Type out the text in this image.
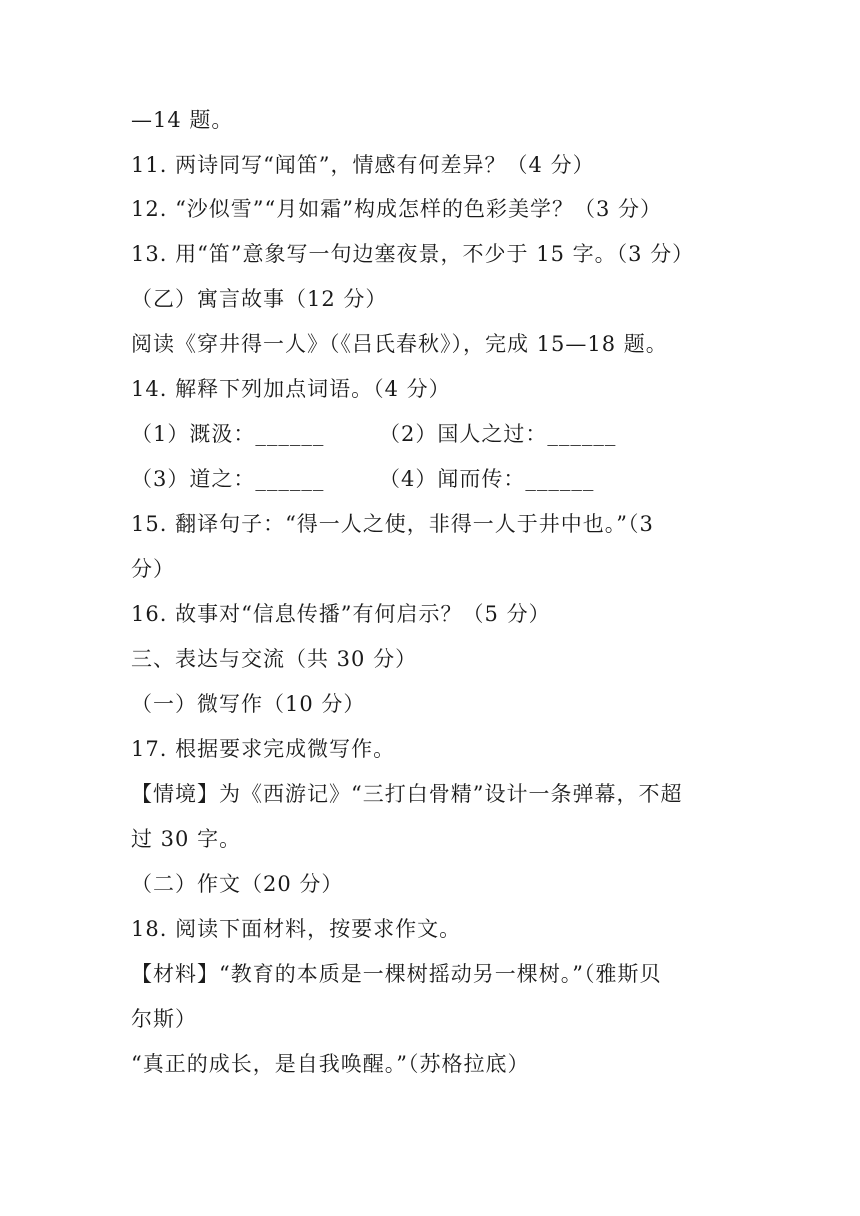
—14 题。
11. 两诗同写“闻笛”，情感有何差异？（4 分）
12. “沙似雪”“月如霜”构成怎样的色彩美学？（3 分）
13. 用“笛”意象写一句边塞夜景，不少于 15 字。（3 分）
（乙）寓言故事（12 分）
阅读《穿井得一人》（《吕氏春秋》），完成 15—18 题。
14. 解释下列加点词语。（4 分）
（1）溉汲：______	（2）国人之过：______
（3）道之：______	（4）闻而传：______
15. 翻译句子：“得一人之使，非得一人于井中也。”（3
分）
16. 故事对“信息传播”有何启示？（5 分）
三、表达与交流（共 30 分）
（一）微写作（10 分）
17. 根据要求完成微写作。
【情境】为《西游记》“三打白骨精”设计一条弹幕，不超
过 30 字。
（二）作文（20 分）
18. 阅读下面材料，按要求作文。
【材料】“教育的本质是一棵树摇动另一棵树。”（雅斯贝
尔斯）
“真正的成长，是自我唤醒。”（苏格拉底）
